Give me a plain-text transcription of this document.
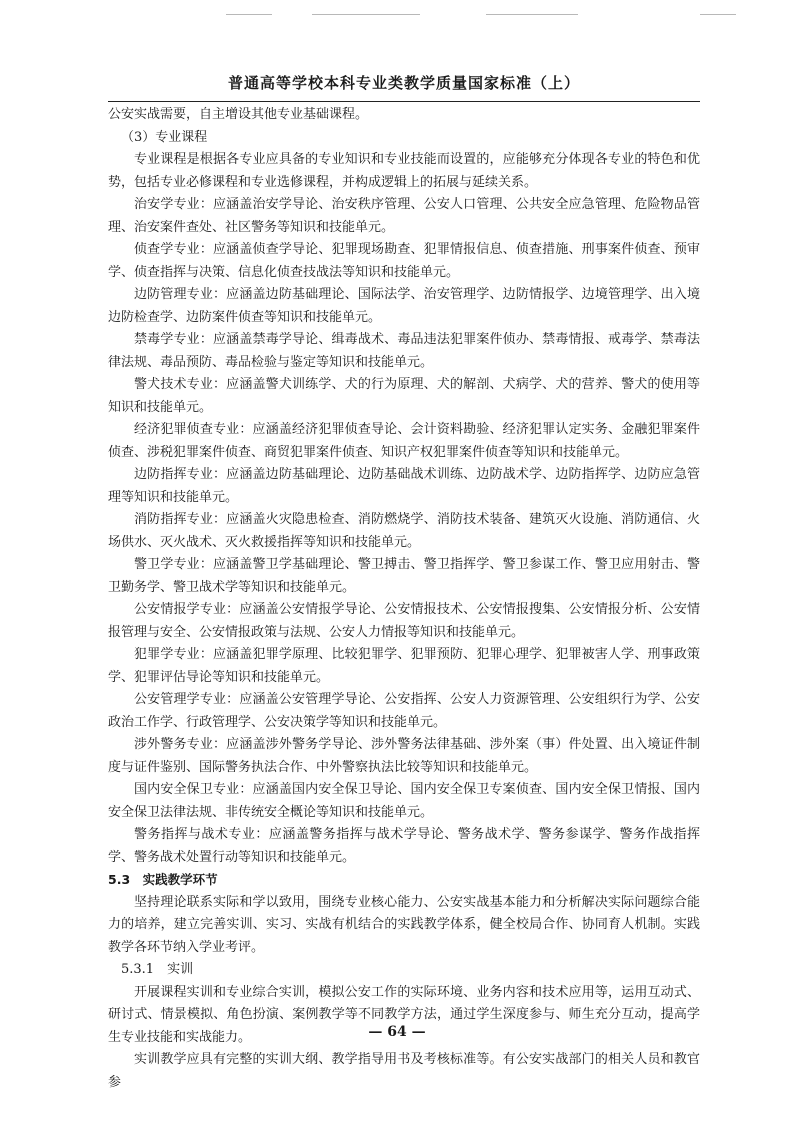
普通高等学校本科专业类教学质量国家标准（上）

公安实战需要，自主增设其他专业基础课程。

（3）专业课程

专业课程是根据各专业应具备的专业知识和专业技能而设置的，应能够充分体现各专业的特色和优势，包括专业必修课程和专业选修课程，并构成逻辑上的拓展与延续关系。

治安学专业：应涵盖治安学导论、治安秩序管理、公安人口管理、公共安全应急管理、危险物品管理、治安案件查处、社区警务等知识和技能单元。

侦查学专业：应涵盖侦查学导论、犯罪现场勘查、犯罪情报信息、侦查措施、刑事案件侦查、预审学、侦查指挥与决策、信息化侦查技战法等知识和技能单元。

边防管理专业：应涵盖边防基础理论、国际法学、治安管理学、边防情报学、边境管理学、出入境边防检查学、边防案件侦查等知识和技能单元。

禁毒学专业：应涵盖禁毒学导论、缉毒战术、毒品违法犯罪案件侦办、禁毒情报、戒毒学、禁毒法律法规、毒品预防、毒品检验与鉴定等知识和技能单元。

警犬技术专业：应涵盖警犬训练学、犬的行为原理、犬的解剖、犬病学、犬的营养、警犬的使用等知识和技能单元。

经济犯罪侦查专业：应涵盖经济犯罪侦查导论、会计资料勘验、经济犯罪认定实务、金融犯罪案件侦查、涉税犯罪案件侦查、商贸犯罪案件侦查、知识产权犯罪案件侦查等知识和技能单元。

边防指挥专业：应涵盖边防基础理论、边防基础战术训练、边防战术学、边防指挥学、边防应急管理等知识和技能单元。

消防指挥专业：应涵盖火灾隐患检查、消防燃烧学、消防技术装备、建筑灭火设施、消防通信、火场供水、灭火战术、灭火救援指挥等知识和技能单元。

警卫学专业：应涵盖警卫学基础理论、警卫搏击、警卫指挥学、警卫参谋工作、警卫应用射击、警卫勤务学、警卫战术学等知识和技能单元。

公安情报学专业：应涵盖公安情报学导论、公安情报技术、公安情报搜集、公安情报分析、公安情报管理与安全、公安情报政策与法规、公安人力情报等知识和技能单元。

犯罪学专业：应涵盖犯罪学原理、比较犯罪学、犯罪预防、犯罪心理学、犯罪被害人学、刑事政策学、犯罪评估导论等知识和技能单元。

公安管理学专业：应涵盖公安管理学导论、公安指挥、公安人力资源管理、公安组织行为学、公安政治工作学、行政管理学、公安决策学等知识和技能单元。

涉外警务专业：应涵盖涉外警务学导论、涉外警务法律基础、涉外案（事）件处置、出入境证件制度与证件鉴别、国际警务执法合作、中外警察执法比较等知识和技能单元。

国内安全保卫专业：应涵盖国内安全保卫导论、国内安全保卫专案侦查、国内安全保卫情报、国内安全保卫法律法规、非传统安全概论等知识和技能单元。

警务指挥与战术专业：应涵盖警务指挥与战术学导论、警务战术学、警务参谋学、警务作战指挥学、警务战术处置行动等知识和技能单元。

5.3　实践教学环节

坚持理论联系实际和学以致用，围绕专业核心能力、公安实战基本能力和分析解决实际问题综合能力的培养，建立完善实训、实习、实战有机结合的实践教学体系，健全校局合作、协同育人机制。实践教学各环节纳入学业考评。

5.3.1　实训

开展课程实训和专业综合实训，模拟公安工作的实际环境、业务内容和技术应用等，运用互动式、研讨式、情景模拟、角色扮演、案例教学等不同教学方法，通过学生深度参与、师生充分互动，提高学生专业技能和实战能力。

实训教学应具有完整的实训大纲、教学指导用书及考核标准等。有公安实战部门的相关人员和教官参

— 64 —
